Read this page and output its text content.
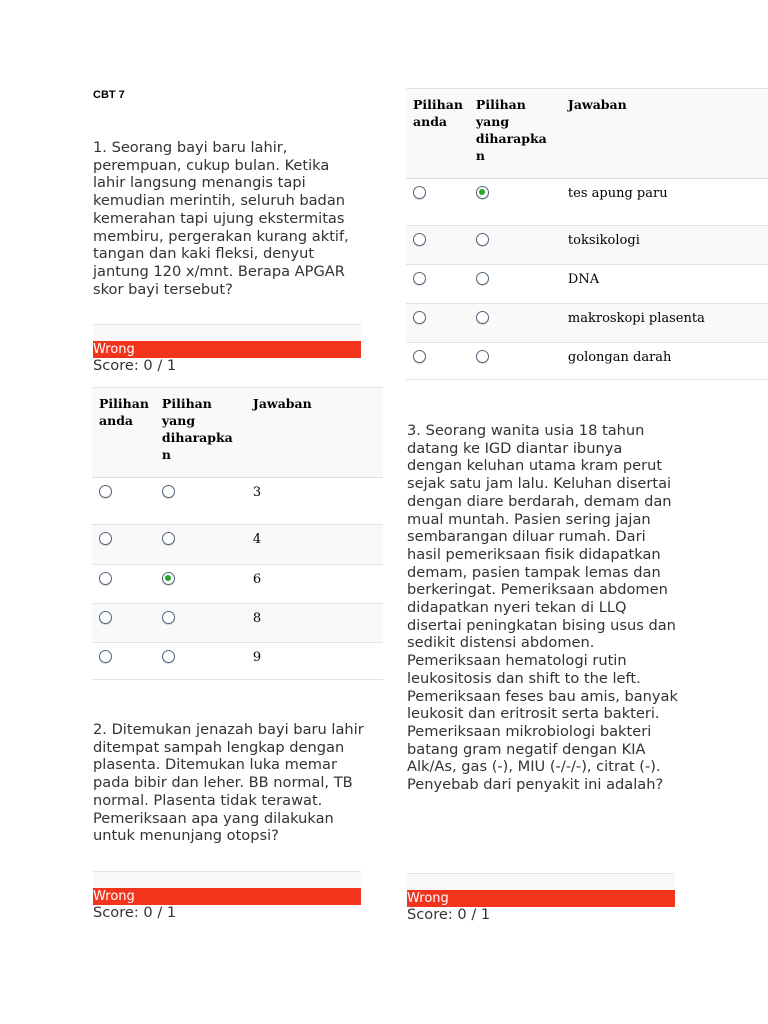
CBT 7
1. Seorang bayi baru lahir, perempuan, cukup bulan. Ketika lahir langsung menangis tapi kemudian merintih, seluruh badan kemerahan tapi ujung ekstermitas membiru, pergerakan kurang aktif, tangan dan kaki fleksi, denyut jantung 120 x/mnt. Berapa APGAR skor bayi tersebut?
Wrong
Score: 0 / 1
Pilihan anda	Pilihan yang diharapka n	Jawaban
		3
		4
		6
		8
		9
2. Ditemukan jenazah bayi baru lahir ditempat sampah lengkap dengan plasenta. Ditemukan luka memar pada bibir dan leher. BB normal, TB normal. Plasenta tidak terawat. Pemeriksaan apa yang dilakukan untuk menunjang otopsi?
Wrong
Score: 0 / 1
Pilihan anda	Pilihan yang diharapka n	Jawaban
		tes apung paru
		toksikologi
		DNA
		makroskopi plasenta
		golongan darah
3. Seorang wanita usia 18 tahun datang ke IGD diantar ibunya dengan keluhan utama kram perut sejak satu jam lalu. Keluhan disertai dengan diare berdarah, demam dan mual muntah. Pasien sering jajan sembarangan diluar rumah. Dari hasil pemeriksaan fisik didapatkan demam, pasien tampak lemas dan berkeringat. Pemeriksaan abdomen didapatkan nyeri tekan di LLQ disertai peningkatan bising usus dan sedikit distensi abdomen. Pemeriksaan hematologi rutin leukositosis dan shift to the left. Pemeriksaan feses bau amis, banyak leukosit dan eritrosit serta bakteri. Pemeriksaan mikrobiologi bakteri batang gram negatif dengan KIA Alk/As, gas (-), MIU (-/-/-), citrat (-). Penyebab dari penyakit ini adalah?
Wrong
Score: 0 / 1
